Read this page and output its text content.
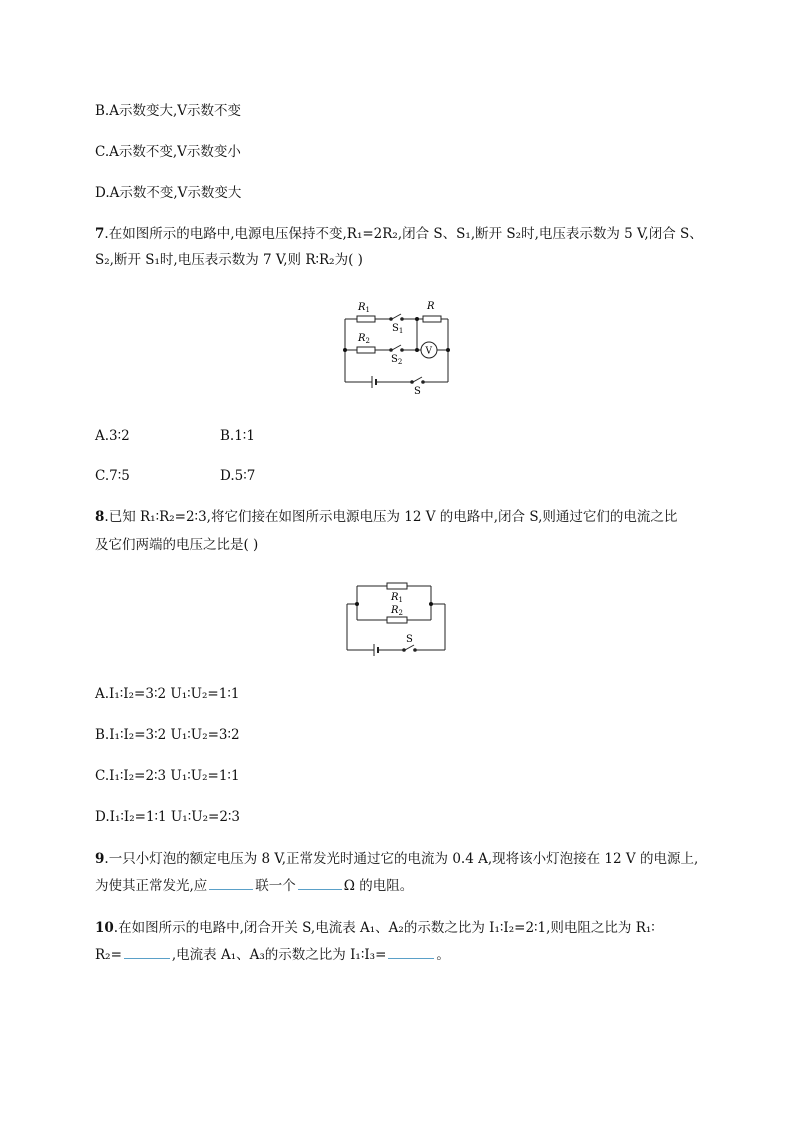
B.A示数变大,V示数不变
C.A示数不变,V示数变小
D.A示数不变,V示数变大
7.在如图所示的电路中,电源电压保持不变,R₁=2R₂,闭合 S、S₁,断开 S₂时,电压表示数为 5 V,闭合 S、
S₂,断开 S₁时,电压表示数为 7 V,则 R∶R₂为( )
$R_1$
$R_2$
R
$S_1$
$S_2$
S
V
A.3∶2	B.1∶1
C.7∶5	D.5∶7
8.已知 R₁∶R₂=2∶3,将它们接在如图所示电源电压为 12 V 的电路中,闭合 S,则通过它们的电流之比
及它们两端的电压之比是( )
$R_1$
$R_2$
S
A.I₁∶I₂=3∶2 U₁∶U₂=1∶1
B.I₁∶I₂=3∶2 U₁∶U₂=3∶2
C.I₁∶I₂=2∶3 U₁∶U₂=1∶1
D.I₁∶I₂=1∶1 U₁∶U₂=2∶3
9.一只小灯泡的额定电压为 8 V,正常发光时通过它的电流为 0.4 A,现将该小灯泡接在 12 V 的电源上,
为使其正常发光,应	联一个	Ω 的电阻。
10.在如图所示的电路中,闭合开关 S,电流表 A₁、A₂的示数之比为 I₁∶I₂=2∶1,则电阻之比为 R₁∶
R₂=	,电流表 A₁、A₃的示数之比为 I₁∶I₃=	。
